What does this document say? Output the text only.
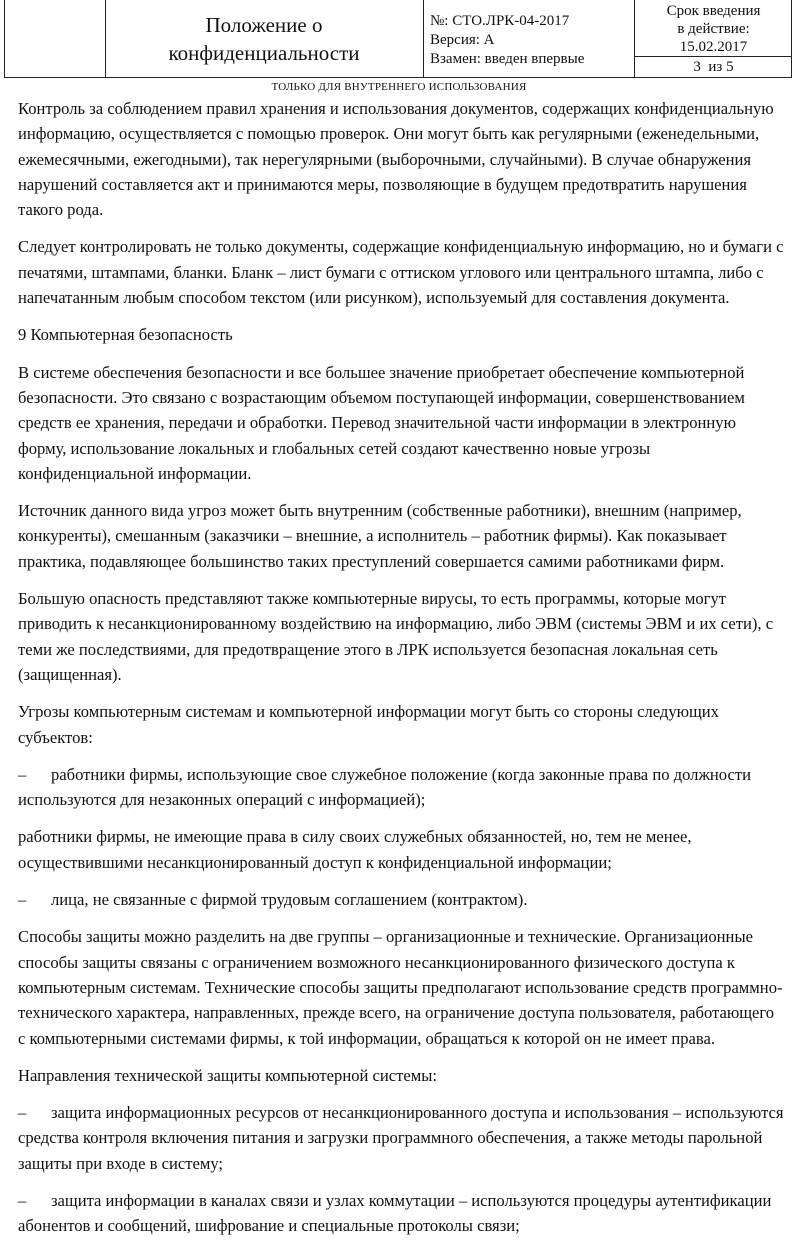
Положение о
конфиденциальности
№: СТО.ЛРК-04-2017
Версия: А
Взамен: введен впервые
Срок введения
в действие:
15.02.2017
3 из 5
ТОЛЬКО ДЛЯ ВНУТРЕННЕГО ИСПОЛЬЗОВАНИЯ

Контроль за соблюдением правил хранения и использования документов, содержащих конфиденциальную информацию, осуществляется с помощью проверок. Они могут быть как регулярными (еженедельными, ежемесячными, ежегодными), так нерегулярными (выборочными, случайными). В случае обнаружения нарушений составляется акт и принимаются меры, позволяющие в будущем предотвратить нарушения такого рода.

Следует контролировать не только документы, содержащие конфиденциальную информацию, но и бумаги с печатями, штампами, бланки. Бланк – лист бумаги с оттиском углового или центрального штампа, либо с напечатанным любым способом текстом (или рисунком), используемый для составления документа.

9 Компьютерная безопасность

В системе обеспечения безопасности и все большее значение приобретает обеспечение компьютерной безопасности. Это связано с возрастающим объемом поступающей информации, совершенствованием средств ее хранения, передачи и обработки. Перевод значительной части информации в электронную форму, использование локальных и глобальных сетей создают качественно новые угрозы конфиденциальной информации.

Источник данного вида угроз может быть внутренним (собственные работники), внешним (например, конкуренты), смешанным (заказчики – внешние, а исполнитель – работник фирмы). Как показывает практика, подавляющее большинство таких преступлений совершается самими работниками фирм.

Большую опасность представляют также компьютерные вирусы, то есть программы, которые могут приводить к несанкционированному воздействию на информацию, либо ЭВМ (системы ЭВМ и их сети), с теми же последствиями, для предотвращение этого в ЛРК используется безопасная локальная сеть (защищенная).

Угрозы компьютерным системам и компьютерной информации могут быть со стороны следующих субъектов:

– работники фирмы, использующие свое служебное положение (когда законные права по должности используются для незаконных операций с информацией);

работники фирмы, не имеющие права в силу своих служебных обязанностей, но, тем не менее, осуществившими несанкционированный доступ к конфиденциальной информации;

– лица, не связанные с фирмой трудовым соглашением (контрактом).

Способы защиты можно разделить на две группы – организационные и технические. Организационные способы защиты связаны с ограничением возможного несанкционированного физического доступа к компьютерным системам. Технические способы защиты предполагают использование средств программно-технического характера, направленных, прежде всего, на ограничение доступа пользователя, работающего с компьютерными системами фирмы, к той информации, обращаться к которой он не имеет права.

Направления технической защиты компьютерной системы:

– защита информационных ресурсов от несанкционированного доступа и использования – используются средства контроля включения питания и загрузки программного обеспечения, а также методы парольной защиты при входе в систему;

– защита информации в каналах связи и узлах коммутации – используются процедуры аутентификации абонентов и сообщений, шифрование и специальные протоколы связи;
